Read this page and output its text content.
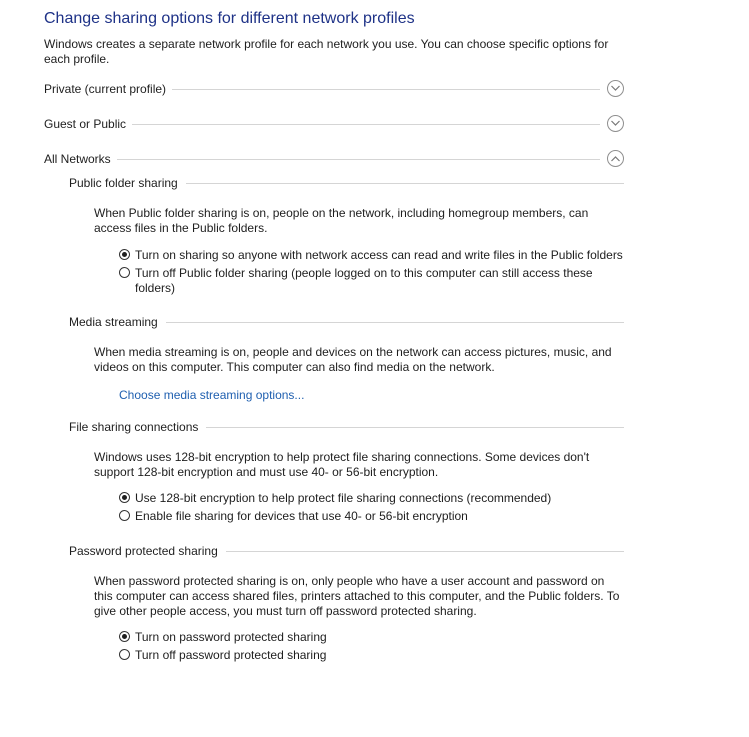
Change sharing options for different network profiles
Windows creates a separate network profile for each network you use. You can choose specific options for each profile.
Private (current profile)
Guest or Public
All Networks
Public folder sharing
When Public folder sharing is on, people on the network, including homegroup members, can access files in the Public folders.
Turn on sharing so anyone with network access can read and write files in the Public folders
Turn off Public folder sharing (people logged on to this computer can still access these folders)
Media streaming
When media streaming is on, people and devices on the network can access pictures, music, and videos on this computer. This computer can also find media on the network.
Choose media streaming options...
File sharing connections
Windows uses 128-bit encryption to help protect file sharing connections. Some devices don't support 128-bit encryption and must use 40- or 56-bit encryption.
Use 128-bit encryption to help protect file sharing connections (recommended)
Enable file sharing for devices that use 40- or 56-bit encryption
Password protected sharing
When password protected sharing is on, only people who have a user account and password on this computer can access shared files, printers attached to this computer, and the Public folders. To give other people access, you must turn off password protected sharing.
Turn on password protected sharing
Turn off password protected sharing
